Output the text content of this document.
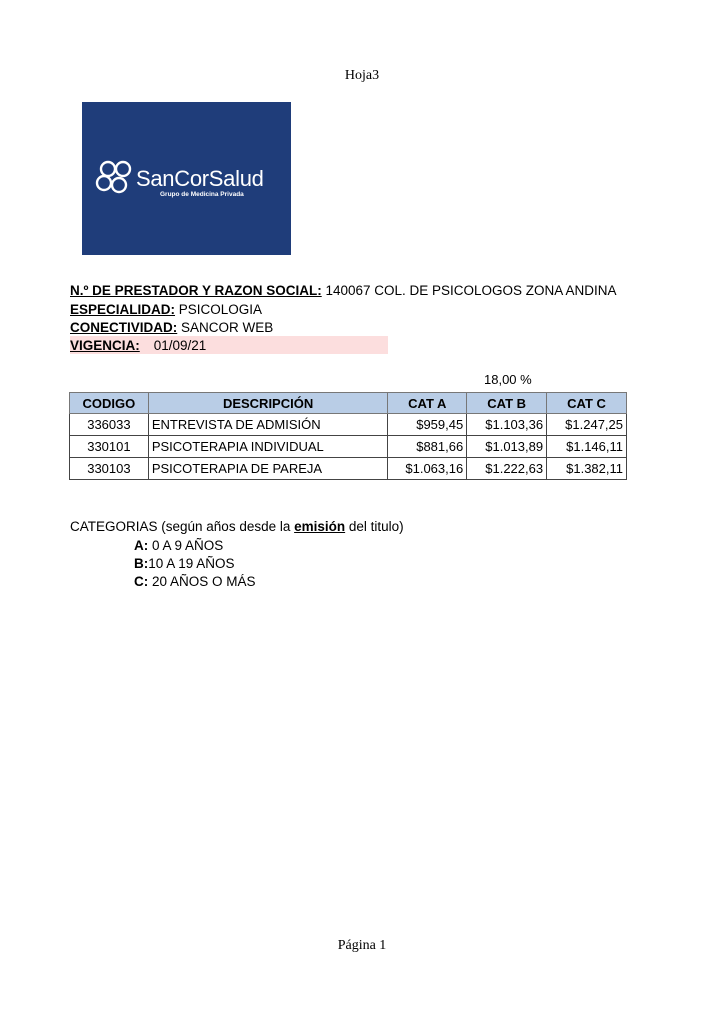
Hoja3
SanCorSalud
Grupo de Medicina Privada
N.º DE PRESTADOR Y RAZON SOCIAL: 140067 COL. DE PSICOLOGOS ZONA ANDINA
ESPECIALIDAD: PSICOLOGIA
CONECTIVIDAD: SANCOR WEB
VIGENCIA: 01/09/21
18,00 %
CODIGO	DESCRIPCIÓN	CAT A	CAT B	CAT C
336033	ENTREVISTA DE ADMISIÓN	$959,45	$1.103,36	$1.247,25
330101	PSICOTERAPIA INDIVIDUAL	$881,66	$1.013,89	$1.146,11
330103	PSICOTERAPIA DE PAREJA	$1.063,16	$1.222,63	$1.382,11
CATEGORIAS (según años desde la emisión del titulo)
A: 0 A 9 AÑOS
B:10 A 19 AÑOS
C: 20 AÑOS O MÁS
Página 1
